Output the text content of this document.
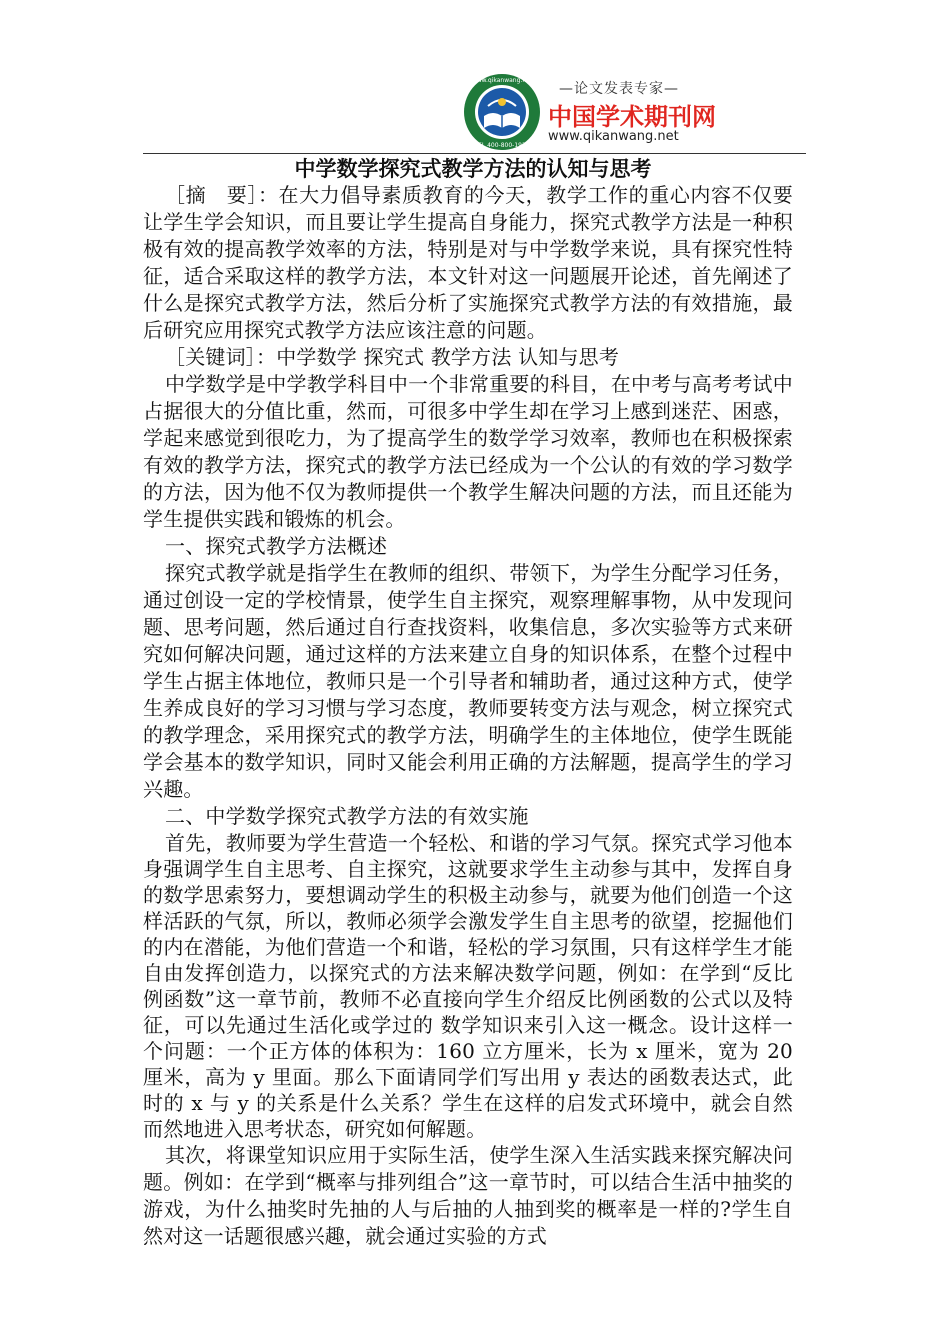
www.qikanwang.net
TEL 400-800-1922
—论文发表专家—
中国学术期刊网
www.qikanwang.net
中学数学探究式教学方法的认知与思考

［摘　要］：在大力倡导素质教育的今天，教学工作的重心内容不仅要让学生学会知识，而且要让学生提高自身能力，探究式教学方法是一种积极有效的提高教学效率的方法，特别是对与中学数学来说，具有探究性特征，适合采取这样的教学方法，本文针对这一问题展开论述，首先阐述了什么是探究式教学方法，然后分析了实施探究式教学方法的有效措施，最后研究应用探究式教学方法应该注意的问题。

［关键词］：中学数学 探究式 教学方法 认知与思考

中学数学是中学教学科目中一个非常重要的科目，在中考与高考考试中占据很大的分值比重，然而，可很多中学生却在学习上感到迷茫、困惑，学起来感觉到很吃力，为了提高学生的数学学习效率，教师也在积极探索有效的教学方法，探究式的教学方法已经成为一个公认的有效的学习数学的方法，因为他不仅为教师提供一个教学生解决问题的方法，而且还能为学生提供实践和锻炼的机会。

一、探究式教学方法概述

探究式教学就是指学生在教师的组织、带领下，为学生分配学习任务，通过创设一定的学校情景，使学生自主探究，观察理解事物，从中发现问题、思考问题，然后通过自行查找资料，收集信息，多次实验等方式来研究如何解决问题，通过这样的方法来建立自身的知识体系，在整个过程中学生占据主体地位，教师只是一个引导者和辅助者，通过这种方式，使学生养成良好的学习习惯与学习态度，教师要转变方法与观念，树立探究式的教学理念，采用探究式的教学方法，明确学生的主体地位，使学生既能学会基本的数学知识，同时又能会利用正确的方法解题，提高学生的学习兴趣。

二、中学数学探究式教学方法的有效实施

首先，教师要为学生营造一个轻松、和谐的学习气氛。探究式学习他本身强调学生自主思考、自主探究，这就要求学生主动参与其中，发挥自身的数学思索努力，要想调动学生的积极主动参与，就要为他们创造一个这样活跃的气氛，所以，教师必须学会激发学生自主思考的欲望，挖掘他们的内在潜能，为他们营造一个和谐，轻松的学习氛围，只有这样学生才能自由发挥创造力，以探究式的方法来解决数学问题，例如：在学到“反比例函数”这一章节前，教师不必直接向学生介绍反比例函数的公式以及特征，可以先通过生活化或学过的 数学知识来引入这一概念。设计这样一个问题：一个正方体的体积为：160 立方厘米，长为 x 厘米，宽为 20 厘米，高为 y 里面。那么下面请同学们写出用 y 表达的函数表达式，此时的 x 与 y 的关系是什么关系？学生在这样的启发式环境中，就会自然而然地进入思考状态，研究如何解题。

其次，将课堂知识应用于实际生活，使学生深入生活实践来探究解决问题。例如：在学到“概率与排列组合”这一章节时，可以结合生活中抽奖的游戏，为什么抽奖时先抽的人与后抽的人抽到奖的概率是一样的?学生自然对这一话题很感兴趣，就会通过实验的方式
